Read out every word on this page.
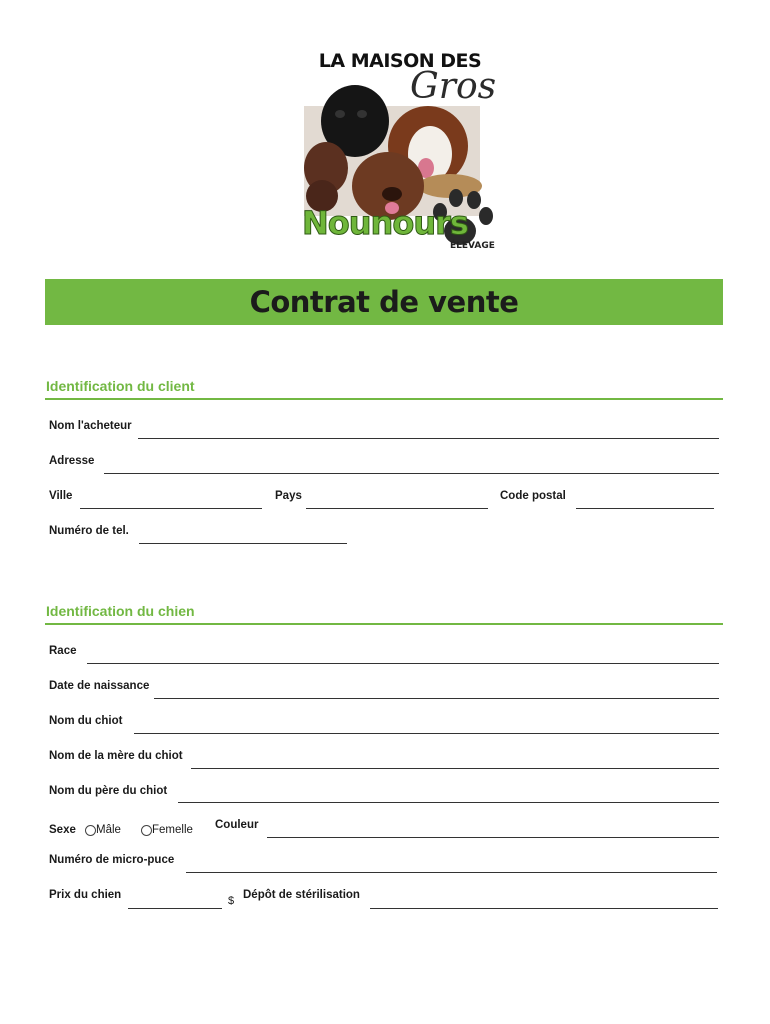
LA MAISON DES
Gros
Nounours
ÉLEVAGE
Contrat de vente
Identification du client
Nom l'acheteur
Adresse
Ville	Pays	Code postal
Numéro de tel.
Identification du chien
Race
Date de naissance
Nom du chiot
Nom de la mère du chiot
Nom du père du chiot
Sexe Mâle	Femelle Couleur
Numéro de micro-puce
Prix du chien	$ Dépôt de stérilisation
